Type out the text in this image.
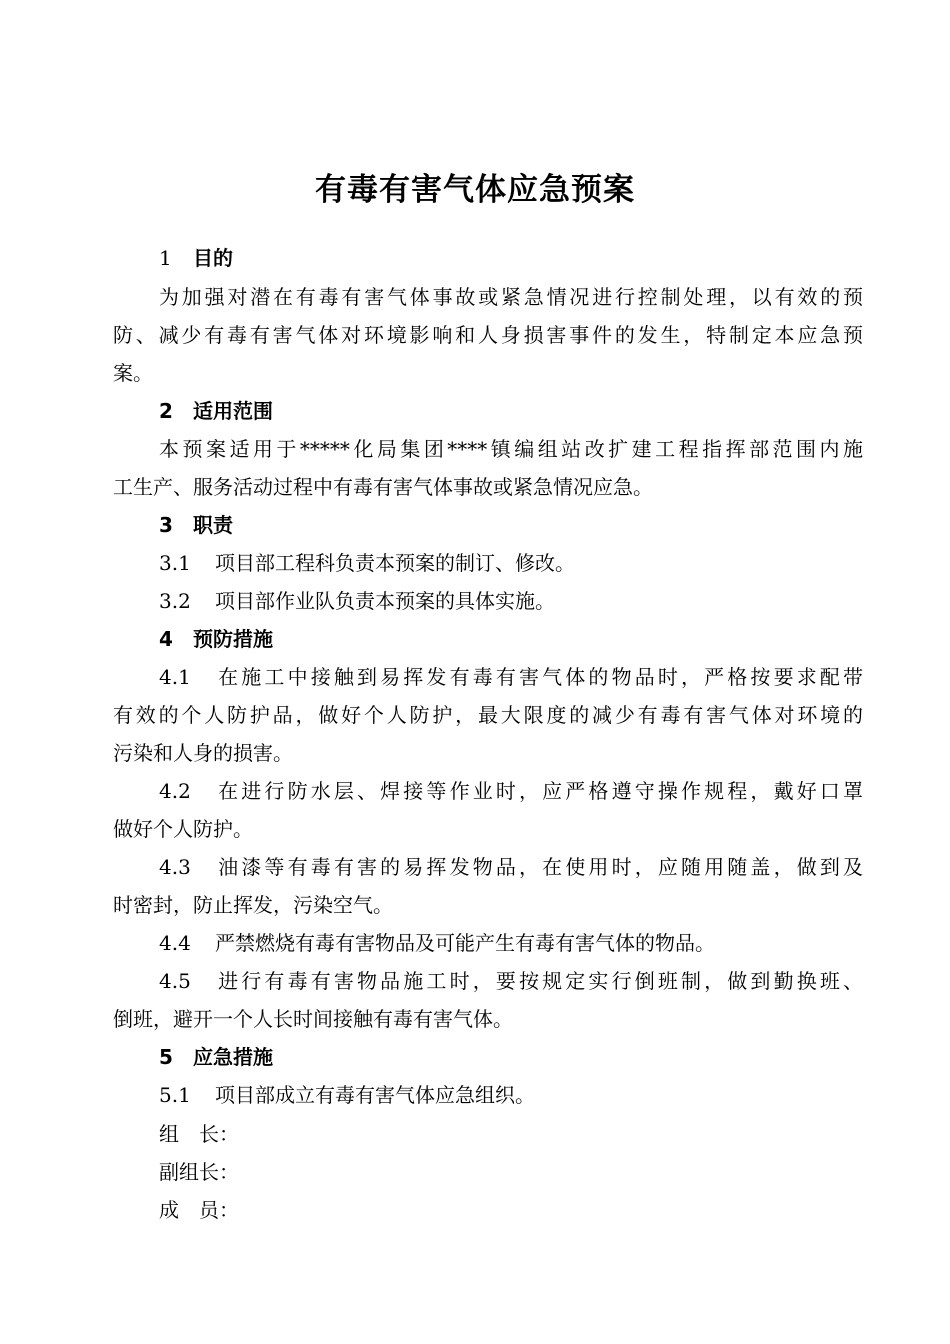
有毒有害气体应急预案
1 目的
为加强对潜在有毒有害气体事故或紧急情况进行控制处理，以有效的预
防、减少有毒有害气体对环境影响和人身损害事件的发生，特制定本应急预
案。
2 适用范围
本预案适用于*****化局集团****镇编组站改扩建工程指挥部范围内施
工生产、服务活动过程中有毒有害气体事故或紧急情况应急。
3 职责
3.1 项目部工程科负责本预案的制订、修改。
3.2 项目部作业队负责本预案的具体实施。
4 预防措施
4.1 在施工中接触到易挥发有毒有害气体的物品时，严格按要求配带
有效的个人防护品，做好个人防护，最大限度的减少有毒有害气体对环境的
污染和人身的损害。
4.2 在进行防水层、焊接等作业时，应严格遵守操作规程，戴好口罩
做好个人防护。
4.3 油漆等有毒有害的易挥发物品，在使用时，应随用随盖，做到及
时密封，防止挥发，污染空气。
4.4 严禁燃烧有毒有害物品及可能产生有毒有害气体的物品。
4.5 进行有毒有害物品施工时，要按规定实行倒班制，做到勤换班、
倒班，避开一个人长时间接触有毒有害气体。
5 应急措施
5.1 项目部成立有毒有害气体应急组织。
组　长：
副组长：
成　员：
